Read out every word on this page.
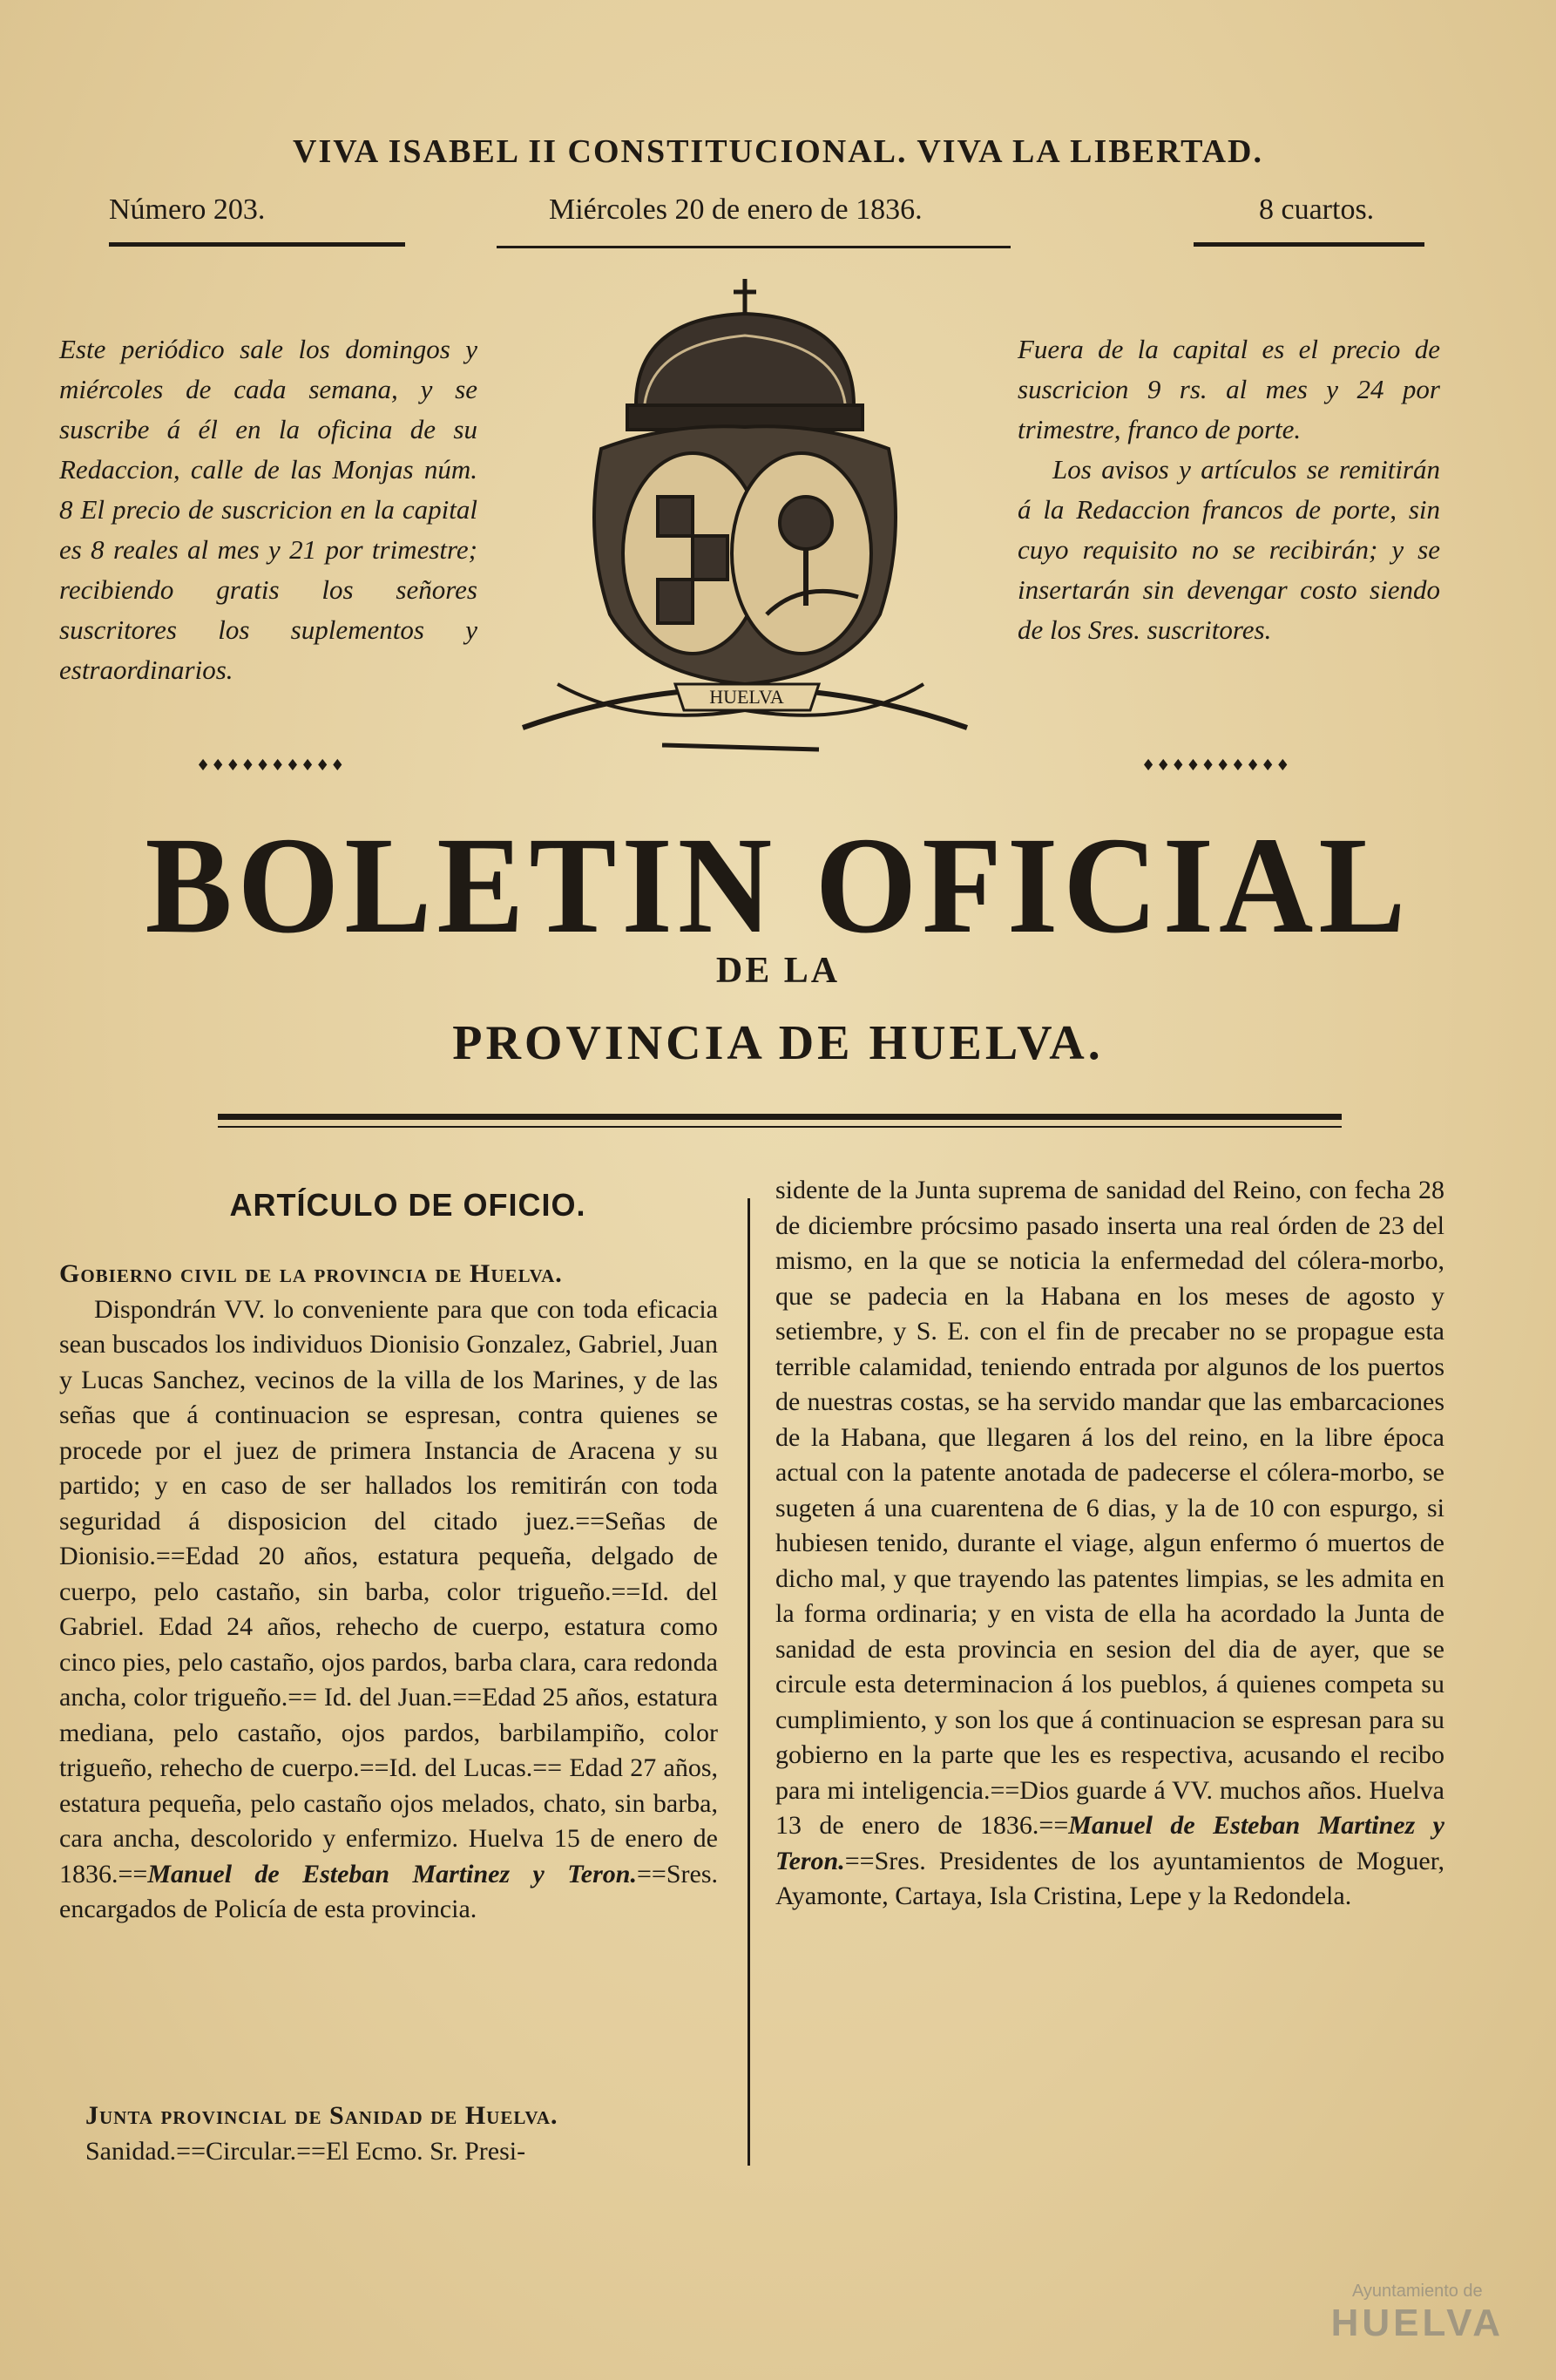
VIVA ISABEL II CONSTITUCIONAL. VIVA LA LIBERTAD.
Número 203.	Miércoles 20 de enero de 1836.	8 cuartos.

Este periódico sale los domingos y miércoles de cada semana, y se suscribe á él en la oficina de su Redaccion, calle de las Monjas núm. 8 El precio de suscricion en la capital es 8 reales al mes y 21 por trimestre; recibiendo gratis los señores suscritores los suplementos y estraordinarios.

♦♦♦♦♦♦♦♦♦♦

Fuera de la capital es el precio de suscricion 9 rs. al mes y 24 por trimestre, franco de porte.

Los avisos y artículos se remitirán á la Redaccion francos de porte, sin cuyo requisito no se recibirán; y se insertarán sin devengar costo siendo de los Sres. suscritores.

♦♦♦♦♦♦♦♦♦♦
HUELVA
BOLETIN OFICIAL
DE LA
PROVINCIA DE HUELVA.
ARTÍCULO DE OFICIO.

Gobierno civil de la provincia de Huelva.

Dispondrán VV. lo conveniente para que con toda eficacia sean buscados los individuos Dionisio Gonzalez, Gabriel, Juan y Lucas Sanchez, vecinos de la villa de los Marines, y de las señas que á continuacion se espresan, contra quienes se procede por el juez de primera Instancia de Aracena y su partido; y en caso de ser hallados los remitirán con toda seguridad á disposicion del citado juez.==Señas de Dionisio.==Edad 20 años, estatura pequeña, delgado de cuerpo, pelo castaño, sin barba, color trigueño.==Id. del Gabriel. Edad 24 años, rehecho de cuerpo, estatura como cinco pies, pelo castaño, ojos pardos, barba clara, cara redonda ancha, color trigueño.== Id. del Juan.==Edad 25 años, estatura mediana, pelo castaño, ojos pardos, barbilampiño, color trigueño, rehecho de cuerpo.==Id. del Lucas.== Edad 27 años, estatura pequeña, pelo castaño ojos melados, chato, sin barba, cara ancha, descolorido y enfermizo. Huelva 15 de enero de 1836.==Manuel de Esteban Martinez y Teron.==Sres. encargados de Policía de esta provincia.

Junta provincial de Sanidad de Huelva.

Sanidad.==Circular.==El Ecmo. Sr. Presi-

sidente de la Junta suprema de sanidad del Reino, con fecha 28 de diciembre prócsimo pasado inserta una real órden de 23 del mismo, en la que se noticia la enfermedad del cólera-morbo, que se padecia en la Habana en los meses de agosto y setiembre, y S. E. con el fin de precaber no se propague esta terrible calamidad, teniendo entrada por algunos de los puertos de nuestras costas, se ha servido mandar que las embarcaciones de la Habana, que llegaren á los del reino, en la libre época actual con la patente anotada de padecerse el cólera-morbo, se sugeten á una cuarentena de 6 dias, y la de 10 con espurgo, si hubiesen tenido, durante el viage, algun enfermo ó muertos de dicho mal, y que trayendo las patentes limpias, se les admita en la forma ordinaria; y en vista de ella ha acordado la Junta de sanidad de esta provincia en sesion del dia de ayer, que se circule esta determinacion á los pueblos, á quienes competa su cumplimiento, y son los que á continuacion se espresan para su gobierno en la parte que les es respectiva, acusando el recibo para mi inteligencia.==Dios guarde á VV. muchos años. Huelva 13 de enero de 1836.==Manuel de Esteban Martinez y Teron.==Sres. Presidentes de los ayuntamientos de Moguer, Ayamonte, Cartaya, Isla Cristina, Lepe y la Redondela.

Ayuntamiento de
HUELVA
